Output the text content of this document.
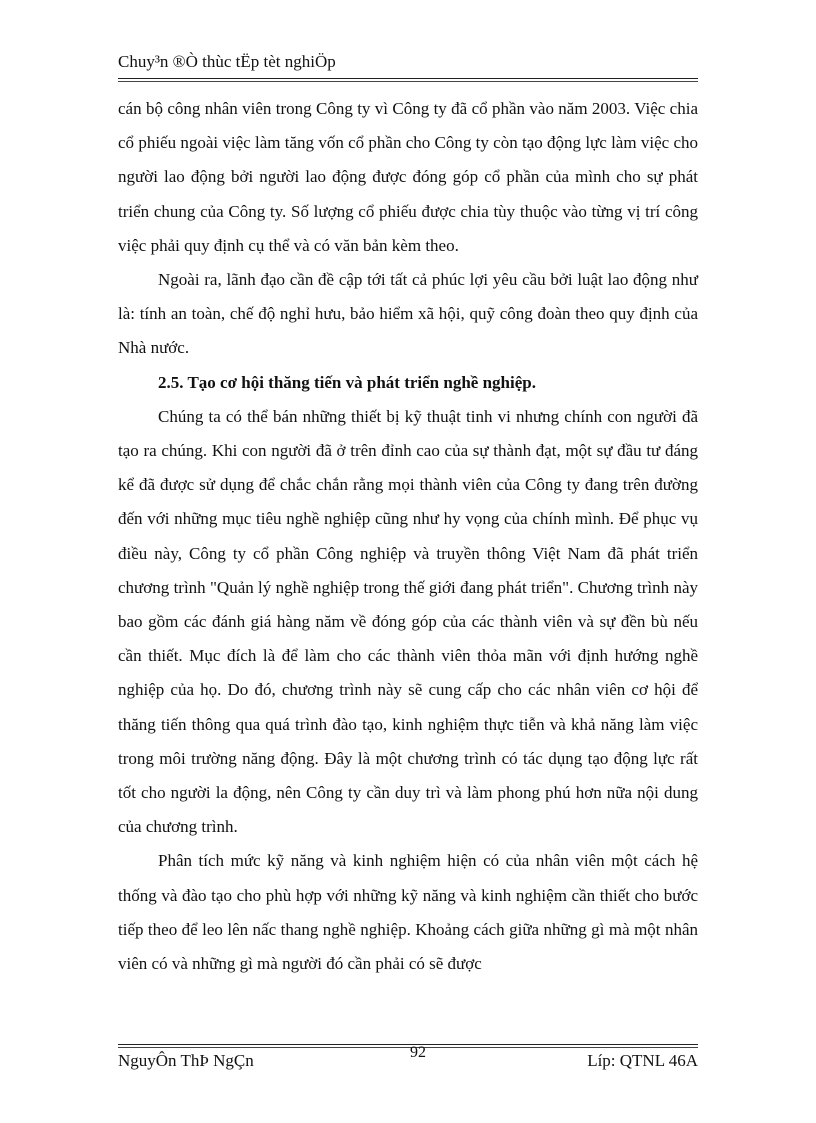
Chuy³n ®Ò thùc tËp tèt nghiÖp

cán bộ công nhân viên trong Công ty vì Công ty đã cổ phần vào năm 2003. Việc chia cổ phiếu ngoài việc làm tăng vốn cổ phần cho Công ty còn tạo động lực làm việc cho người lao động bởi người lao động được đóng góp cổ phần của mình cho sự phát triển chung của Công ty. Số lượng cổ phiếu được chia tùy thuộc vào từng vị trí công việc phải quy định cụ thể và có văn bản kèm theo.

Ngoài ra, lãnh đạo cần đề cập tới tất cả phúc lợi yêu cầu bởi luật lao động như là: tính an toàn, chế độ nghỉ hưu, bảo hiểm xã hội, quỹ công đoàn theo quy định của Nhà nước.

2.5. Tạo cơ hội thăng tiến và phát triển nghề nghiệp.

Chúng ta có thể bán những thiết bị kỹ thuật tinh vi nhưng chính con người đã tạo ra chúng. Khi con người đã ở trên đỉnh cao của sự thành đạt, một sự đầu tư đáng kể đã được sử dụng để chắc chắn rằng mọi thành viên của Công ty đang trên đường đến với những mục tiêu nghề nghiệp cũng như hy vọng của chính mình. Để phục vụ điều này, Công ty cổ phần Công nghiệp và truyền thông Việt Nam đã phát triển chương trình "Quản lý nghề nghiệp trong thế giới đang phát triển". Chương trình này bao gồm các đánh giá hàng năm về đóng góp của các thành viên và sự đền bù nếu cần thiết. Mục đích là để làm cho các thành viên thỏa mãn với định hướng nghề nghiệp của họ. Do đó, chương trình này sẽ cung cấp cho các nhân viên cơ hội để thăng tiến thông qua quá trình đào tạo, kinh nghiệm thực tiễn và khả năng làm việc trong môi trường năng động. Đây là một chương trình có tác dụng tạo động lực rất tốt cho người la động, nên Công ty cần duy trì và làm phong phú hơn nữa nội dung của chương trình.

Phân tích mức kỹ năng và kinh nghiệm hiện có của nhân viên một cách hệ thống và đào tạo cho phù hợp với những kỹ năng và kinh nghiệm cần thiết cho bước tiếp theo để leo lên nấc thang nghề nghiệp. Khoảng cách giữa những gì mà một nhân viên có và những gì mà người đó cần phải có sẽ được

NguyÔn ThÞ NgÇn	92	Líp: QTNL 46A
